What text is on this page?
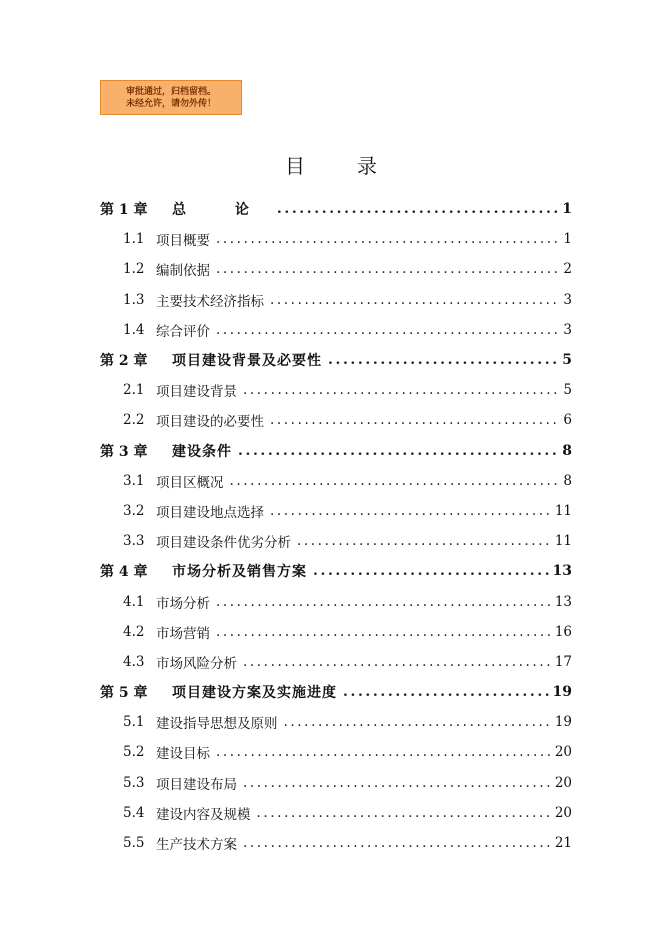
审批通过，归档留档。
未经允许，请勿外传！
目录
第 1 章	总 论 .....	1
1.1 项目概要 .....	1
1.2 编制依据 .....	2
1.3 主要技术经济指标 .....	3
1.4 综合评价 .....	3
第 2 章	项目建设背景及必要性 .....	5
2.1 项目建设背景 .....	5
2.2 项目建设的必要性 .....	6
第 3 章	建设条件 .....	8
3.1 项目区概况 .....	8
3.2 项目建设地点选择 .....	11
3.3 项目建设条件优劣分析 .....	11
第 4 章	市场分析及销售方案 .....	13
4.1 市场分析 .....	13
4.2 市场营销 .....	16
4.3 市场风险分析 .....	17
第 5 章	项目建设方案及实施进度 .....	19
5.1 建设指导思想及原则 .....	19
5.2 建设目标 .....	20
5.3 项目建设布局 .....	20
5.4 建设内容及规模 .....	20
5.5 生产技术方案 .....	21
